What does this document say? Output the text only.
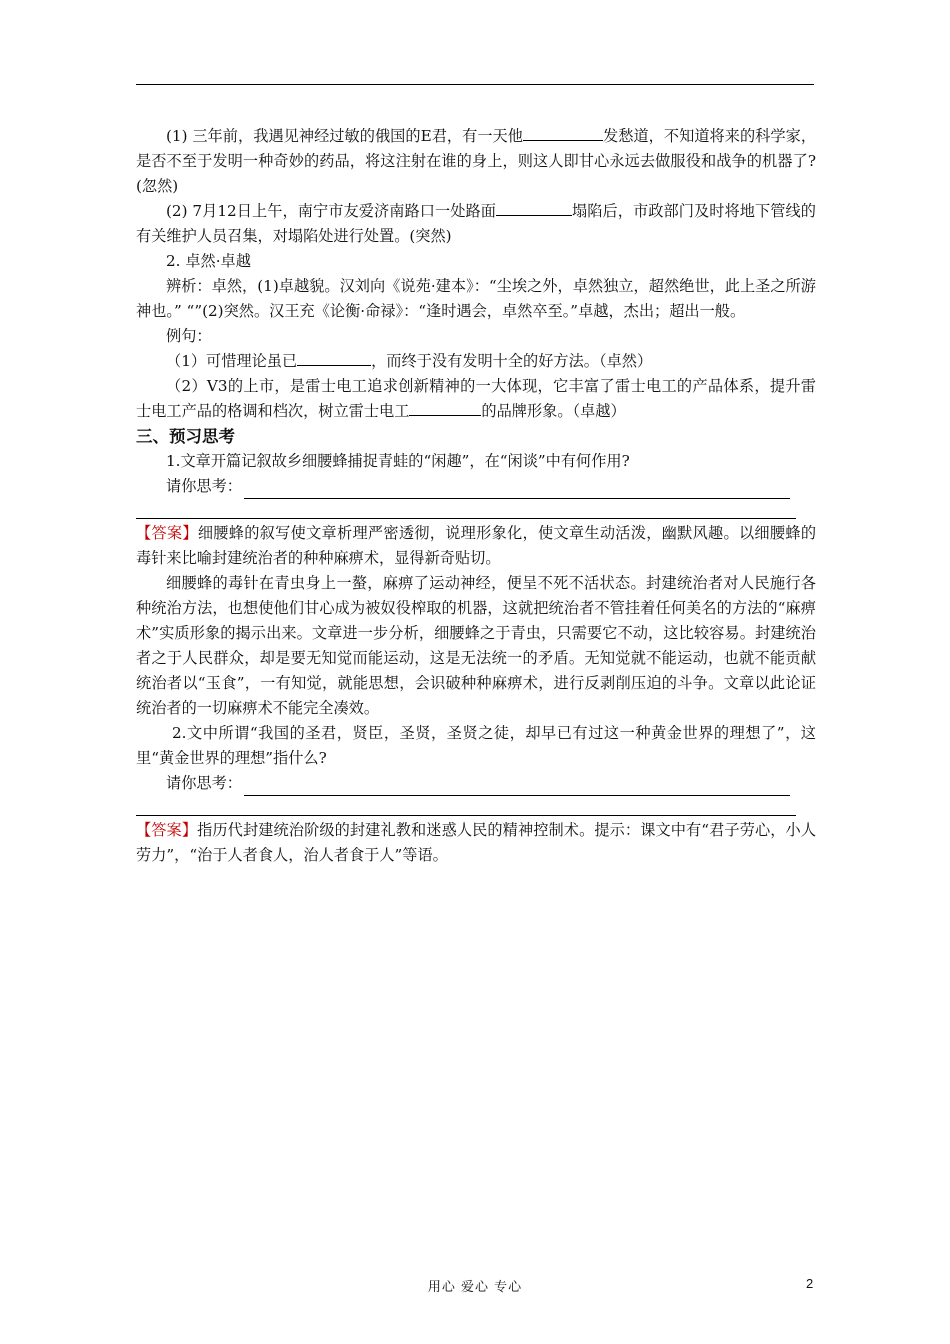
(1) 三年前，我遇见神经过敏的俄国的E君，有一天他	发愁道，不知道将来的科学家，是否不至于发明一种奇妙的药品，将这注射在谁的身上，则这人即甘心永远去做服役和战争的机器了?(忽然)

(2) 7月12日上午，南宁市友爱济南路口一处路面	塌陷后，市政部门及时将地下管线的有关维护人员召集，对塌陷处进行处置。(突然)

2. 卓然·卓越

辨析：卓然，(1)卓越貌。汉刘向《说苑·建本》：“尘埃之外，卓然独立，超然绝世，此上圣之所游神也。” “”(2)突然。汉王充《论衡·命禄》：“逢时遇会，卓然卒至。”卓越，杰出；超出一般。

例句：

（1）可惜理论虽已	，而终于没有发明十全的好方法。（卓然）

（2）V3的上市，是雷士电工追求创新精神的一大体现，它丰富了雷士电工的产品体系，提升雷士电工产品的格调和档次，树立雷士电工	的品牌形象。（卓越）

三、预习思考

1.文章开篇记叙故乡细腰蜂捕捉青蛙的“闲趣”，在“闲谈”中有何作用?

请你思考：

【答案】细腰蜂的叙写使文章析理严密透彻，说理形象化，使文章生动活泼，幽默风趣。以细腰蜂的毒针来比喻封建统治者的种种麻痹术，显得新奇贴切。

细腰蜂的毒针在青虫身上一螯，麻痹了运动神经，便呈不死不活状态。封建统治者对人民施行各种统治方法，也想使他们甘心成为被奴役榨取的机器，这就把统治者不管挂着任何美名的方法的“麻痹术”实质形象的揭示出来。文章进一步分析，细腰蜂之于青虫，只需要它不动，这比较容易。封建统治者之于人民群众，却是要无知觉而能运动，这是无法统一的矛盾。无知觉就不能运动，也就不能贡献统治者以“玉食”，一有知觉，就能思想，会识破种种麻痹术，进行反剥削压迫的斗争。文章以此论证统治者的一切麻痹术不能完全凑效。

2.文中所谓“我国的圣君，贤臣，圣贤，圣贤之徒，却早已有过这一种黄金世界的理想了”，这里“黄金世界的理想”指什么?

请你思考：

【答案】指历代封建统治阶级的封建礼教和迷惑人民的精神控制术。提示：课文中有“君子劳心，小人劳力”，“治于人者食人，治人者食于人”等语。

用心 爱心 专心	2
